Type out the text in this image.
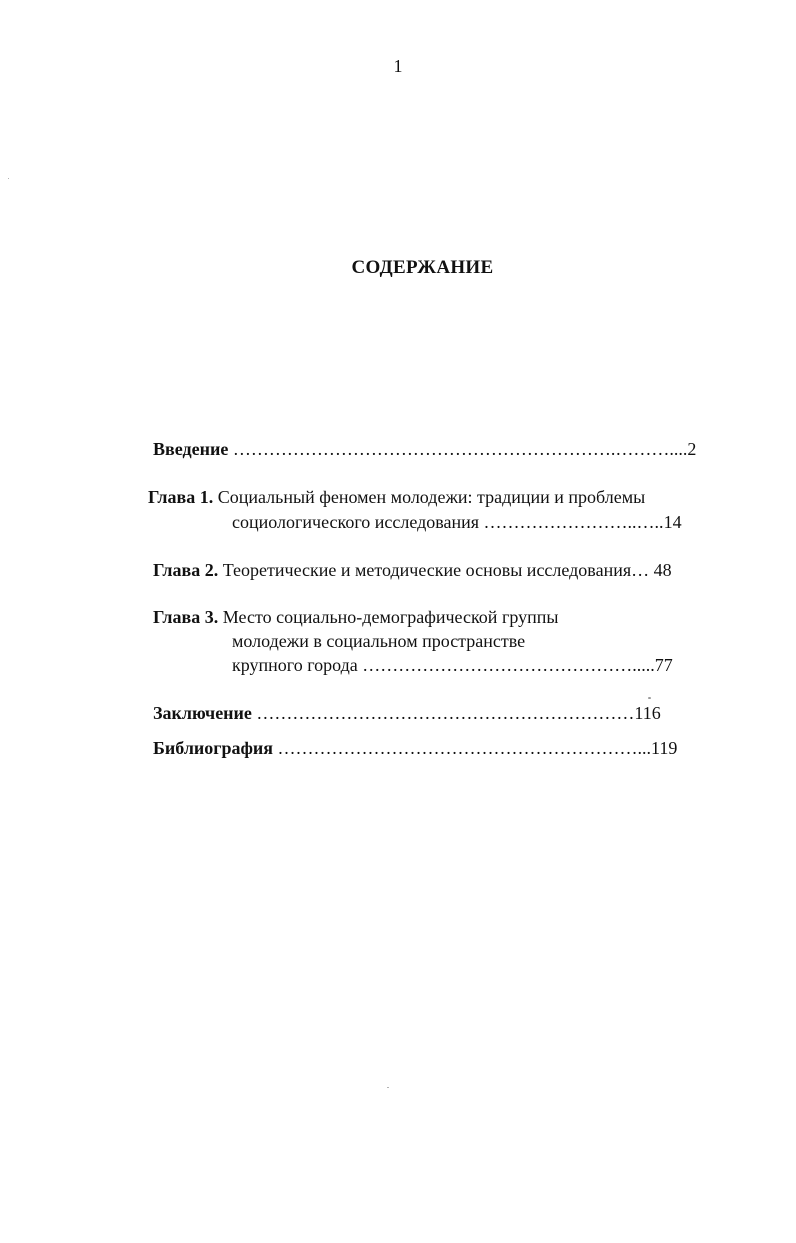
1
СОДЕРЖАНИЕ
Введение ……………………………………………………….………....2
Глава 1. Социальный феномен молодежи: традиции и проблемы
социологического исследования ……………………..…..14
Глава 2. Теоретические и методические основы исследования… 48
Глава 3. Место социально-демографической группы
молодежи в социальном пространстве
крупного города ……………………………………….....77
Заключение ………………………………………………………116
Библиография ……………………………………………………...119
